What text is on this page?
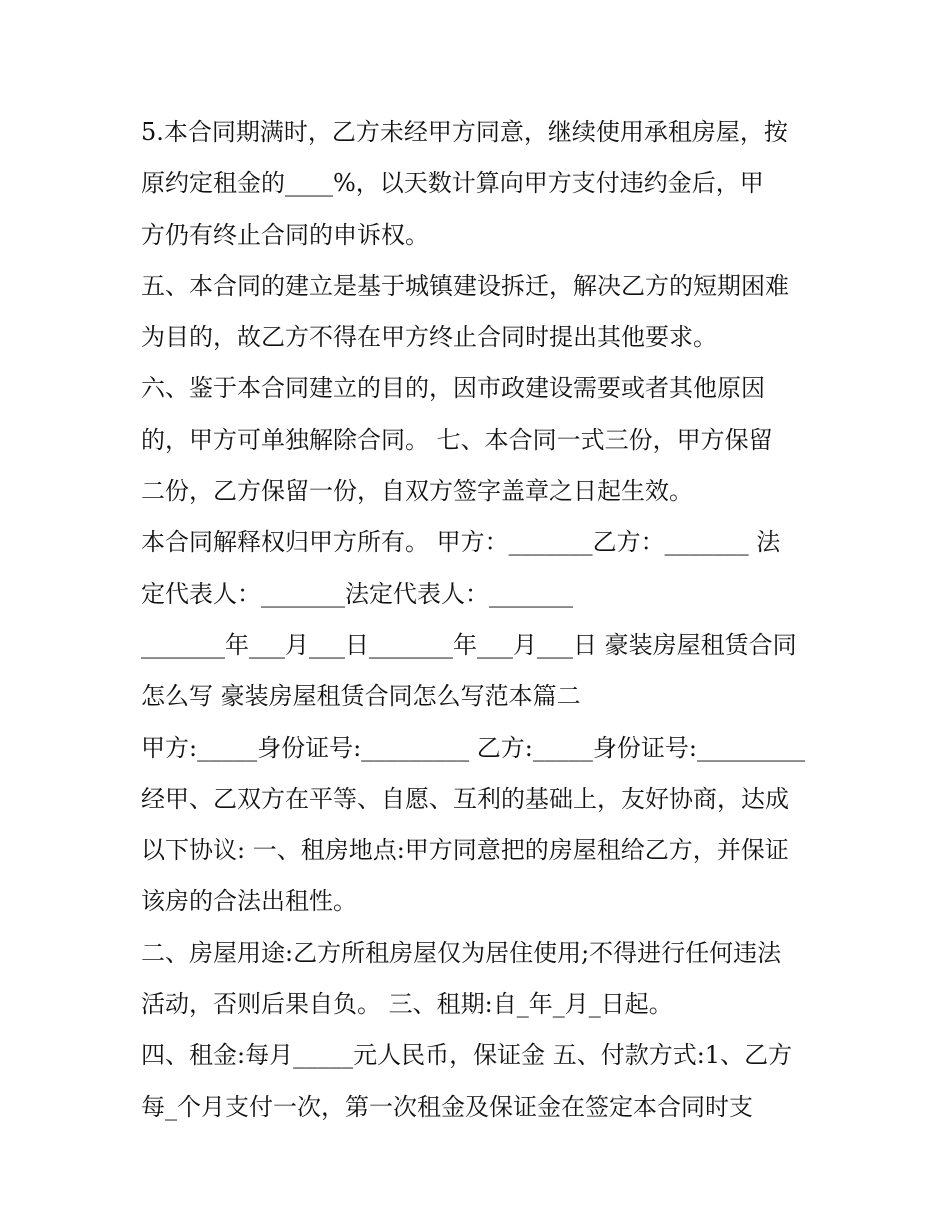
5.本合同期满时，乙方未经甲方同意，继续使用承租房屋，按
原约定租金的____%，以天数计算向甲方支付违约金后，甲
方仍有终止合同的申诉权。
五、本合同的建立是基于城镇建设拆迁，解决乙方的短期困难
为目的，故乙方不得在甲方终止合同时提出其他要求。
六、鉴于本合同建立的目的，因市政建设需要或者其他原因
的，甲方可单独解除合同。 七、本合同一式三份，甲方保留
二份，乙方保留一份，自双方签字盖章之日起生效。
本合同解释权归甲方所有。 甲方：_______乙方：_______ 法
定代表人：_______法定代表人：_______
_______年___月___日_______年___月___日 豪装房屋租赁合同
怎么写 豪装房屋租赁合同怎么写范本篇二
甲方:_____身份证号:_________ 乙方:_____身份证号:_________
经甲、乙双方在平等、自愿、互利的基础上，友好协商，达成
以下协议: 一、租房地点:甲方同意把的房屋租给乙方，并保证
该房的合法出租性。
二、房屋用途:乙方所租房屋仅为居住使用;不得进行任何违法
活动，否则后果自负。 三、租期:自_年_月_日起。
四、租金:每月_____元人民币，保证金 五、付款方式:1、乙方
每_个月支付一次，第一次租金及保证金在签定本合同时支
